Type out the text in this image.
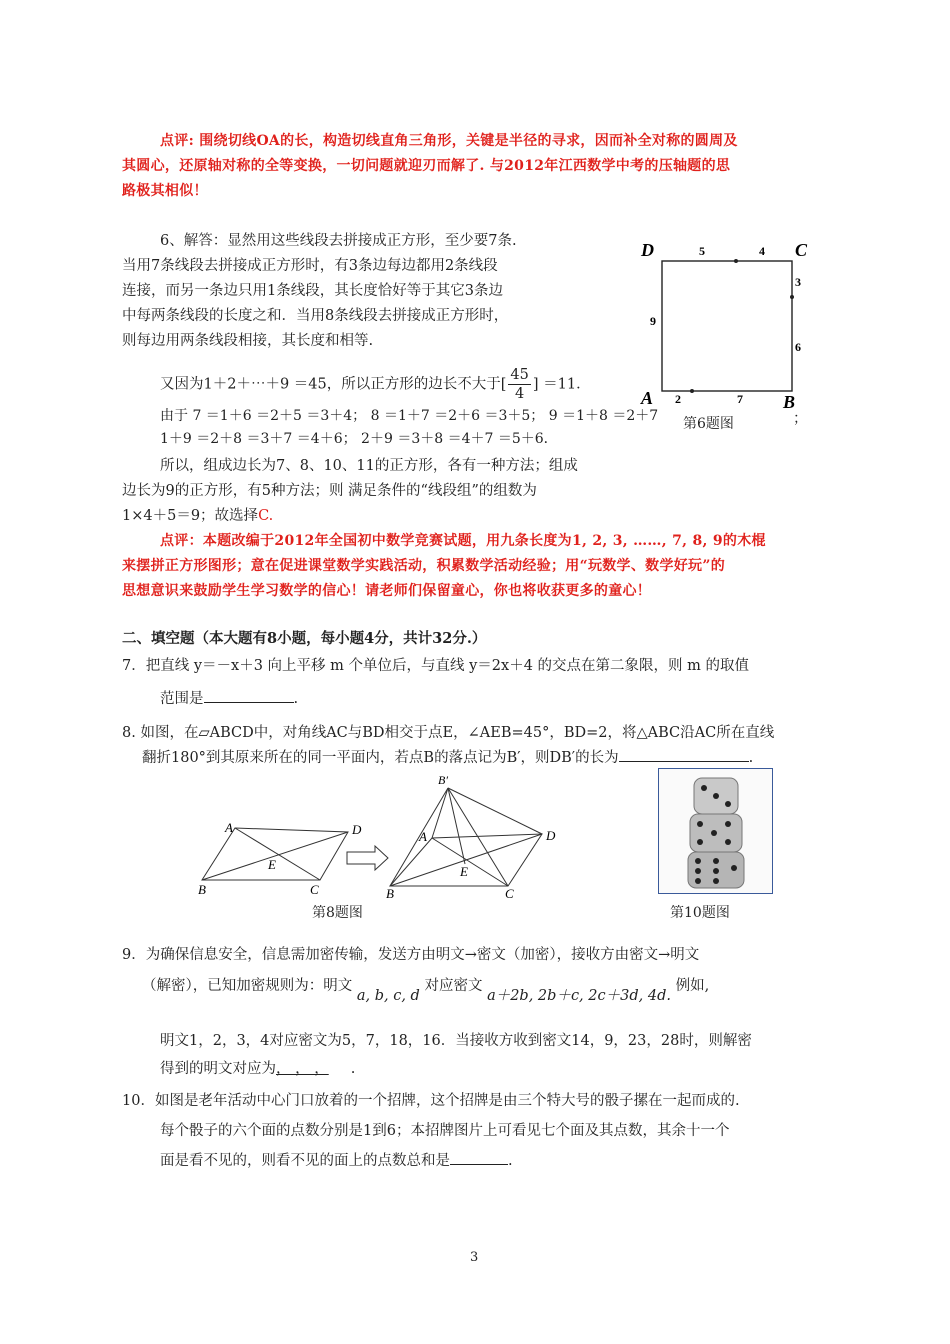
点评: 围绕切线OA的长，构造切线直角三角形，关键是半径的寻求，因而补全对称的圆周及
其圆心，还原轴对称的全等变换，一切问题就迎刃而解了. 与2012年江西数学中考的压轴题的思
路极其相似！
6、解答：显然用这些线段去拼接成正方形，至少要7条.
当用7条线段去拼接成正方形时，有3条边每边都用2条线段
连接，而另一条边只用1条线段，其长度恰好等于其它3条边
中每两条线段的长度之和．当用8条线段去拼接成正方形时，
则每边用两条线段相接，其长度和相等.
又因为1＋2＋⋯＋9 ＝45，所以正方形的边长不大于[ $\frac{45}{4}$ ] ＝11．
由于 7 ＝1＋6 ＝2＋5 ＝3＋4； 8 ＝1＋7 ＝2＋6 ＝3＋5； 9 ＝1＋8 ＝2＋7	；
1＋9 ＝2＋8 ＝3＋7 ＝4＋6； 2＋9 ＝3＋8 ＝4＋7 ＝5＋6．
所以，组成边长为7、8、10、11的正方形，各有一种方法；组成
边长为9的正方形，有5种方法；则 满足条件的“线段组”的组数为
1×4＋5＝9；故选择C.
D	C
A	B
5	4
3
6
9
2	7
第6题图
点评：本题改编于2012年全国初中数学竞赛试题，用九条长度为1, 2, 3, ……, 7, 8, 9的木棍
来摆拼正方形图形；意在促进课堂数学实践活动，积累数学活动经验；用“玩数学、数学好玩”的
思想意识来鼓励学生学习数学的信心！请老师们保留童心，你也将收获更多的童心！
二、填空题（本大题有8小题，每小题4分，共计32分.）
7．把直线 y＝－x＋3 向上平移 m 个单位后，与直线 y＝2x＋4 的交点在第二象限，则 m 的取值
范围是	.
8. 如图，在▱ABCD中，对角线AC与BD相交于点E，∠AEB=45°，BD=2，将△ABC沿AC所在直线
翻折180°到其原来所在的同一平面内，若点B的落点记为B′，则DB′的长为	.
A	D
B	C
E
B′
A	D
B	C
E
第8题图	第10题图
9．为确保信息安全，信息需加密传输，发送方由明文→密文（加密），接收方由密文→明文
（解密），已知加密规则为：明文 a, b, c, d 对应密文 a＋2b, 2b＋c, 2c＋3d, 4d. 例如,
明文1，2，3，4对应密文为5，7，18，16．当接收方收到密文14，9，23，28时，则解密
得到的明文对应为， ， ， .
10．如图是老年活动中心门口放着的一个招牌，这个招牌是由三个特大号的骰子摞在一起而成的.
每个骰子的六个面的点数分别是1到6；本招牌图片上可看见七个面及其点数，其余十一个
面是看不见的，则看不见的面上的点数总和是	.
3
